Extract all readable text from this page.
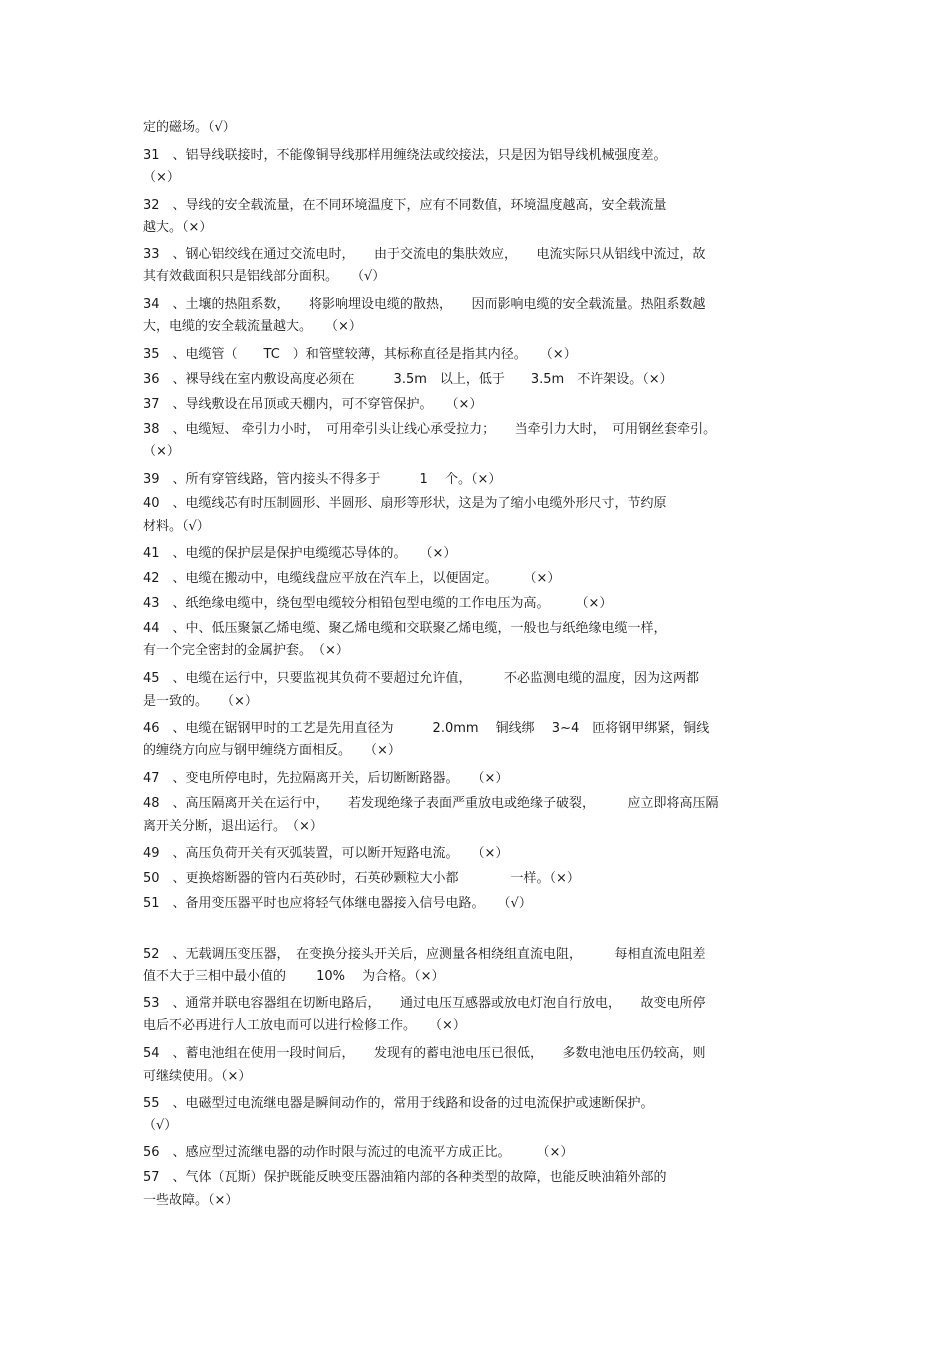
定的磁场。（√）
31　、铝导线联接时，不能像铜导线那样用缠绕法或绞接法，只是因为铝导线机械强度差。
（×）
32　、导线的安全载流量，在不同环境温度下，应有不同数值，环境温度越高，安全载流量
越大。（×）
33　、钢心铝绞线在通过交流电时，　　由于交流电的集肤效应，　　电流实际只从铝线中流过，故
其有效截面积只是铝线部分面积。　　（√）
34　、土壤的热阻系数，　　将影响埋设电缆的散热，　　因而影响电缆的安全载流量。热阻系数越
大，电缆的安全载流量越大。　　（×）
35　、电缆管（　　TC　）和管壁较薄，其标称直径是指其内径。　　（×）
36　、裸导线在室内敷设高度必须在　　　3.5m　以上，低于　　3.5m　不许架设。（×）
37　、导线敷设在吊顶或天棚内，可不穿管保护。　　（×）
38　、电缆短、 牵引力小时，　可用牵引头让线心承受拉力；　　当牵引力大时，　可用钢丝套牵引。
（×）
39　、所有穿管线路，管内接头不得多于　　　1　 个。（×）
40　、电缆线芯有时压制圆形、半圆形、扇形等形状，这是为了缩小电缆外形尺寸，节约原
材料。（√）
41　、电缆的保护层是保护电缆缆芯导体的。　　（×）
42　、电缆在搬动中，电缆线盘应平放在汽车上，以便固定。　　　（×）
43　、纸绝缘电缆中，绕包型电缆较分相铅包型电缆的工作电压为高。　　　（×）
44　、中、低压聚氯乙烯电缆、聚乙烯电缆和交联聚乙烯电缆，一般也与纸绝缘电缆一样，
有一个完全密封的金属护套。　（×）
45　、电缆在运行中，只要监视其负荷不要超过允许值，　　　不必监测电缆的温度，因为这两都
是一致的。　　（×）
46　、电缆在锯钢甲时的工艺是先用直径为　　　2.0mm　 铜线绑　 3~4　匝将钢甲绑紧，铜线
的缠绕方向应与钢甲缠绕方面相反。　　（×）
47　、变电所停电时，先拉隔离开关，后切断断路器。　　（×）
48　、高压隔离开关在运行中，　　若发现绝缘子表面严重放电或绝缘子破裂，　　　应立即将高压隔
离开关分断，退出运行。　（×）
49　、高压负荷开关有灭弧装置，可以断开短路电流。　　（×）
50　、更换熔断器的管内石英砂时，石英砂颗粒大小都　　　　一样。（×）
51　、备用变压器平时也应将轻气体继电器接入信号电路。　　（√）
52　、无载调压变压器，　在变换分接头开关后，应测量各相绕组直流电阻，　　　每相直流电阻差
值不大于三相中最小值的　　 10%　 为合格。（×）
53　、通常并联电容器组在切断电路后，　　通过电压互感器或放电灯泡自行放电，　　故变电所停
电后不必再进行人工放电而可以进行检修工作。　　（×）
54　、蓄电池组在使用一段时间后，　　发现有的蓄电池电压已很低，　　多数电池电压仍较高，则
可继续使用。（×）
55　、电磁型过电流继电器是瞬间动作的，常用于线路和设备的过电流保护或速断保护。
（√）
56　、感应型过流继电器的动作时限与流过的电流平方成正比。　　　（×）
57　、气体（瓦斯）保护既能反映变压器油箱内部的各种类型的故障，也能反映油箱外部的
一些故障。（×）
